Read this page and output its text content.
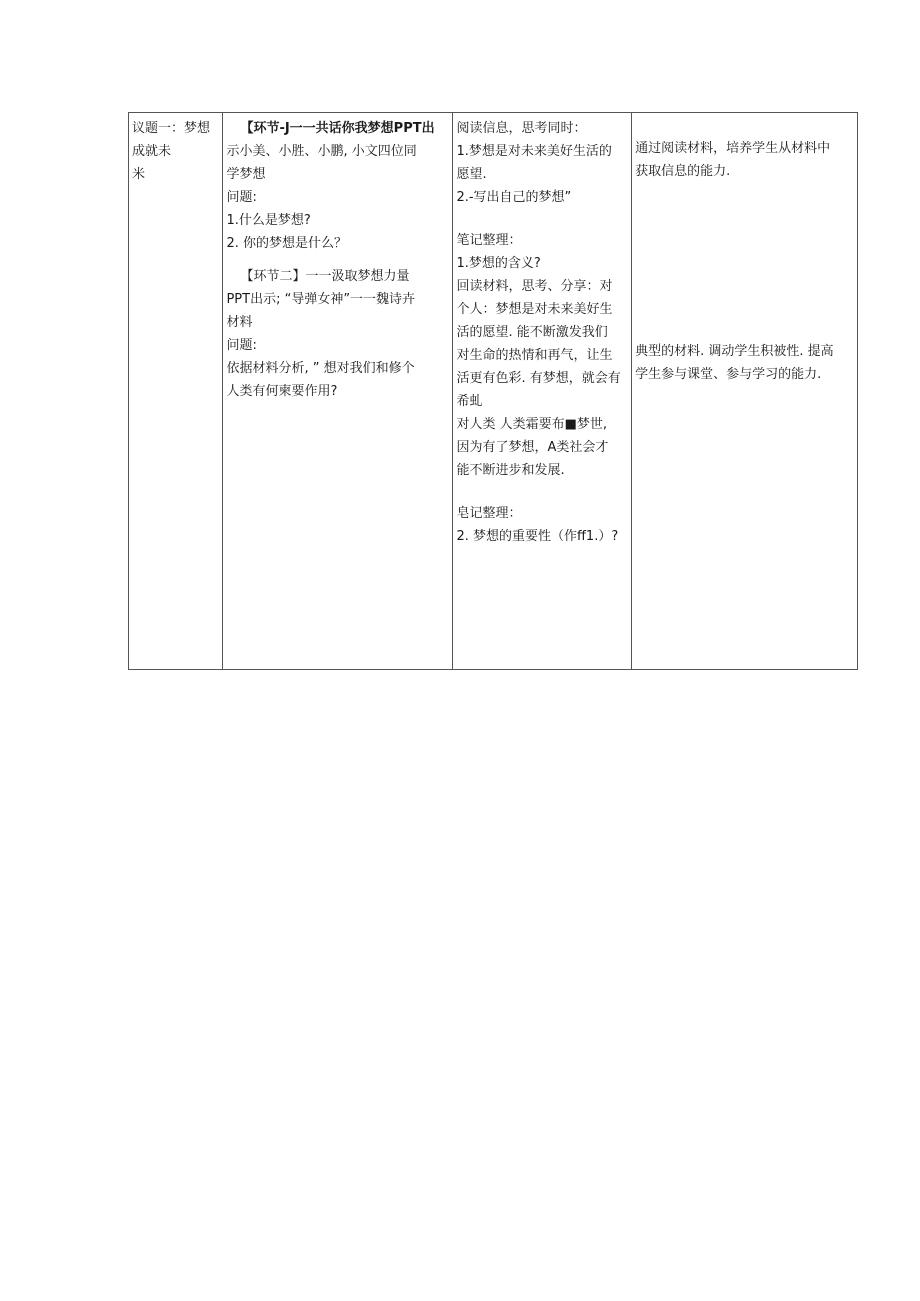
议题一：梦想
成就未
米

【环节-J一一共话你我梦想PPT出
示小美、小胜、小鹏, 小文四位同
学梦想
问题:
1.什么是梦想?
2. 你的梦想是什么？
【环节二】一一汲取梦想力量
PPT出示; “导弹女神”一一魏诗卉
材料
问题:
依据材料分析, ” 想对我们和修个
人类有何柬要作用?

阅读信息，思考同时：
1.梦想是对未来美好生活的
愿望.
2.-写出自己的梦想”
笔记整理：
1.梦想的含义?
回读材料，思考、分享：对
个人：梦想是对未来美好生
活的愿望. 能不断激发我们
对生命的热情和再气，让生
活更有色彩. 有梦想，就会有
希虬
对人类 人类霜要布■梦世,
因为有了梦想，A类社会才
能不断进步和发展.
皂记整理：
2. 梦想的重要性（作ff1.）?

通过阅读材料，培养学生从材料中
获取信息的能力.
典型的材料. 调动学生积被性. 提高
学生参与课堂、参与学习的能力.
